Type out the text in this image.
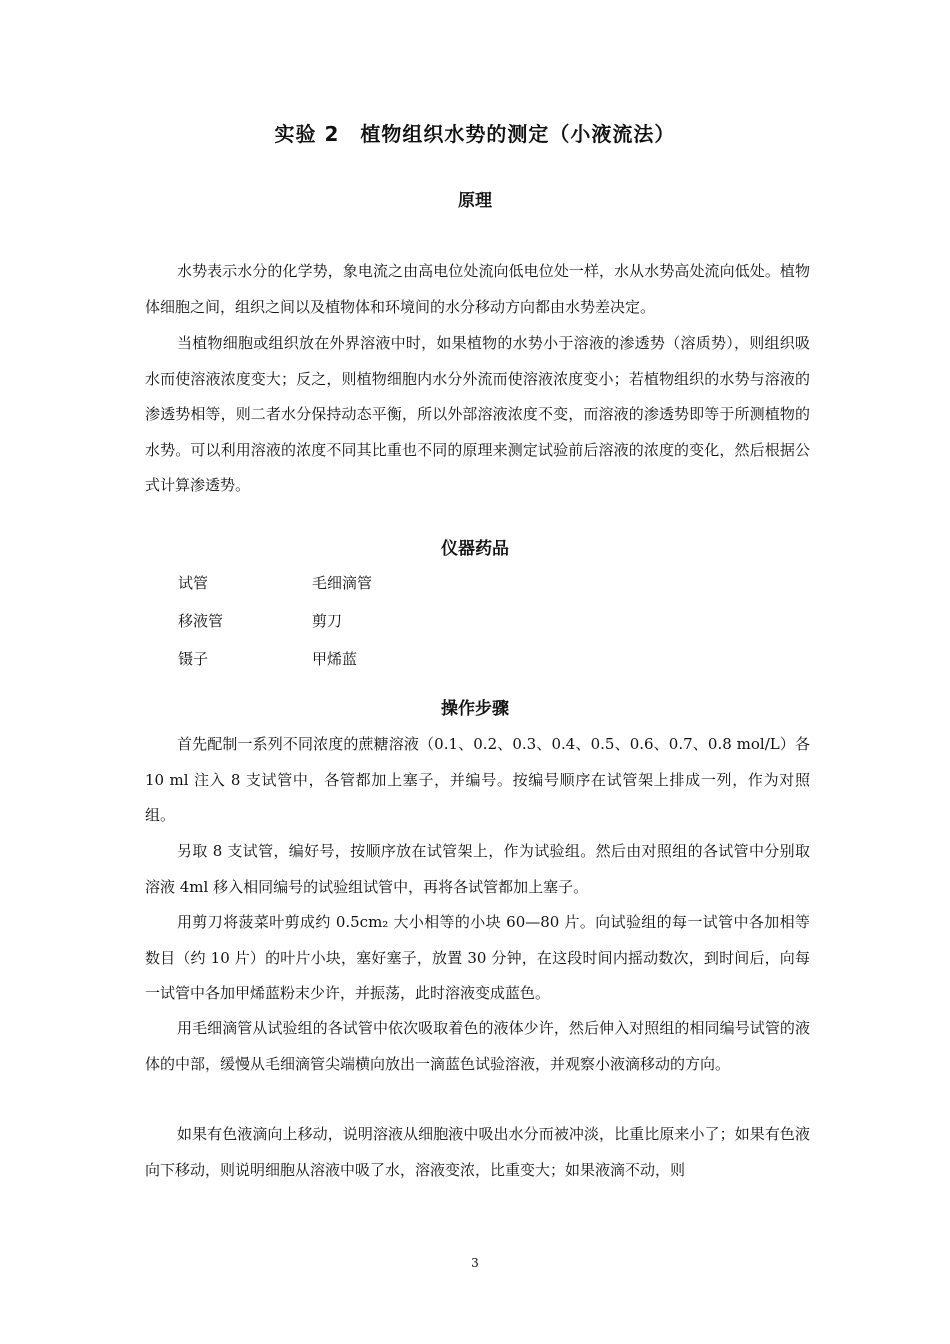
实验 2　植物组织水势的测定（小液流法）
原理

水势表示水分的化学势，象电流之由高电位处流向低电位处一样，水从水势高处流向低处。植物体细胞之间，组织之间以及植物体和环境间的水分移动方向都由水势差决定。

当植物细胞或组织放在外界溶液中时，如果植物的水势小于溶液的渗透势（溶质势），则组织吸水而使溶液浓度变大；反之，则植物细胞内水分外流而使溶液浓度变小；若植物组织的水势与溶液的渗透势相等，则二者水分保持动态平衡，所以外部溶液浓度不变，而溶液的渗透势即等于所测植物的水势。可以利用溶液的浓度不同其比重也不同的原理来测定试验前后溶液的浓度的变化，然后根据公式计算渗透势。

仪器药品
试管	毛细滴管
移液管	剪刀
镊子	甲烯蓝
操作步骤

首先配制一系列不同浓度的蔗糖溶液（0.1、0.2、0.3、0.4、0.5、0.6、0.7、0.8 mol/L）各 10 ml 注入 8 支试管中，各管都加上塞子，并编号。按编号顺序在试管架上排成一列，作为对照组。

另取 8 支试管，编好号，按顺序放在试管架上，作为试验组。然后由对照组的各试管中分别取溶液 4ml 移入相同编号的试验组试管中，再将各试管都加上塞子。

用剪刀将菠菜叶剪成约 0.5cm₂ 大小相等的小块 60—80 片。向试验组的每一试管中各加相等数目（约 10 片）的叶片小块，塞好塞子，放置 30 分钟，在这段时间内摇动数次，到时间后，向每一试管中各加甲烯蓝粉末少许，并振荡，此时溶液变成蓝色。

用毛细滴管从试验组的各试管中依次吸取着色的液体少许，然后伸入对照组的相同编号试管的液体的中部，缓慢从毛细滴管尖端横向放出一滴蓝色试验溶液，并观察小液滴移动的方向。

如果有色液滴向上移动，说明溶液从细胞液中吸出水分而被冲淡，比重比原来小了；如果有色液向下移动，则说明细胞从溶液中吸了水，溶液变浓，比重变大；如果液滴不动，则

3
